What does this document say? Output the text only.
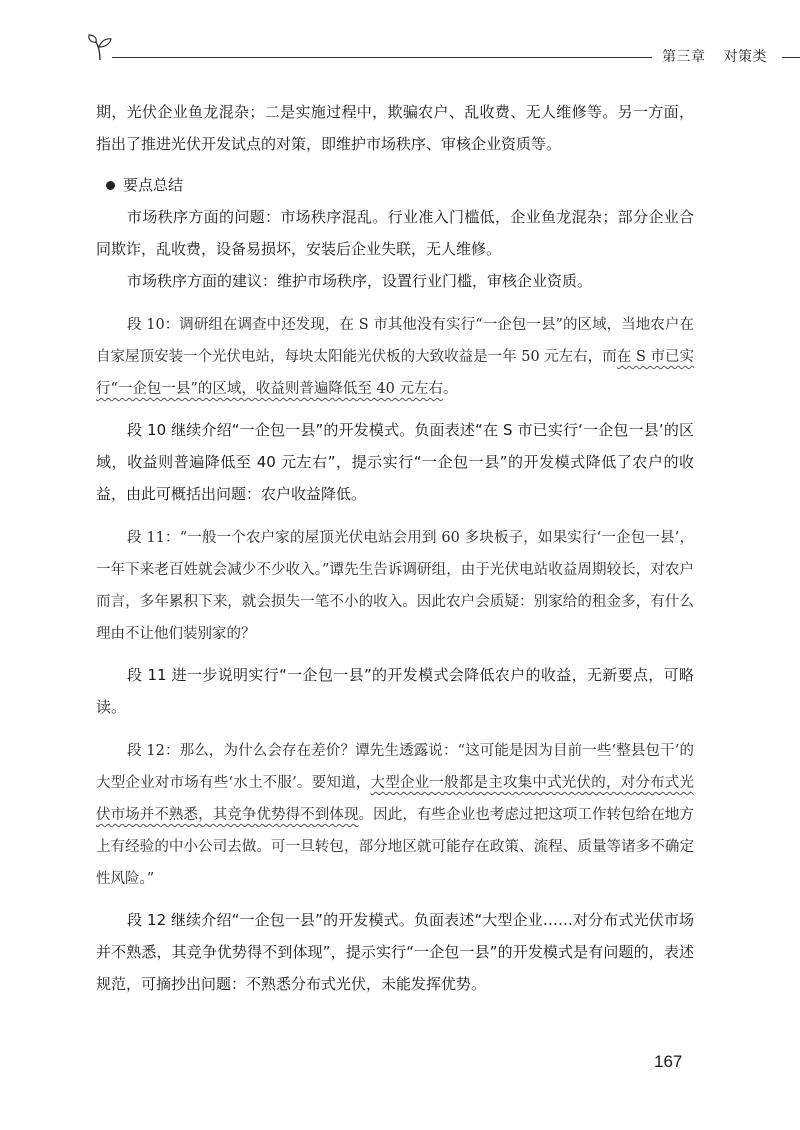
第三章 对策类

期，光伏企业鱼龙混杂；二是实施过程中，欺骗农户、乱收费、无人维修等。另一方面，指出了推进光伏开发试点的对策，即维护市场秩序、审核企业资质等。

要点总结

市场秩序方面的问题：市场秩序混乱。行业准入门槛低，企业鱼龙混杂；部分企业合同欺诈，乱收费，设备易损坏，安装后企业失联，无人维修。

市场秩序方面的建议：维护市场秩序，设置行业门槛，审核企业资质。

段 10：调研组在调查中还发现，在 S 市其他没有实行“一企包一县”的区域，当地农户在自家屋顶安装一个光伏电站，每块太阳能光伏板的大致收益是一年 50 元左右，而在 S 市已实行“一企包一县”的区域，收益则普遍降低至 40 元左右。

段 10 继续介绍“一企包一县”的开发模式。负面表述“在 S 市已实行‘一企包一县’的区域，收益则普遍降低至 40 元左右”，提示实行“一企包一县”的开发模式降低了农户的收益，由此可概括出问题：农户收益降低。

段 11：“一般一个农户家的屋顶光伏电站会用到 60 多块板子，如果实行‘一企包一县’，一年下来老百姓就会减少不少收入。”谭先生告诉调研组，由于光伏电站收益周期较长，对农户而言，多年累积下来，就会损失一笔不小的收入。因此农户会质疑：别家给的租金多，有什么理由不让他们装别家的？

段 11 进一步说明实行“一企包一县”的开发模式会降低农户的收益，无新要点，可略读。

段 12：那么，为什么会存在差价？谭先生透露说：“这可能是因为目前一些‘整县包干’的大型企业对市场有些‘水土不服’。要知道，大型企业一般都是主攻集中式光伏的，对分布式光伏市场并不熟悉，其竞争优势得不到体现。因此，有些企业也考虑过把这项工作转包给在地方上有经验的中小公司去做。可一旦转包，部分地区就可能存在政策、流程、质量等诸多不确定性风险。”

段 12 继续介绍“一企包一县”的开发模式。负面表述“大型企业……对分布式光伏市场并不熟悉，其竞争优势得不到体现”，提示实行“一企包一县”的开发模式是有问题的，表述规范，可摘抄出问题：不熟悉分布式光伏，未能发挥优势。

167
